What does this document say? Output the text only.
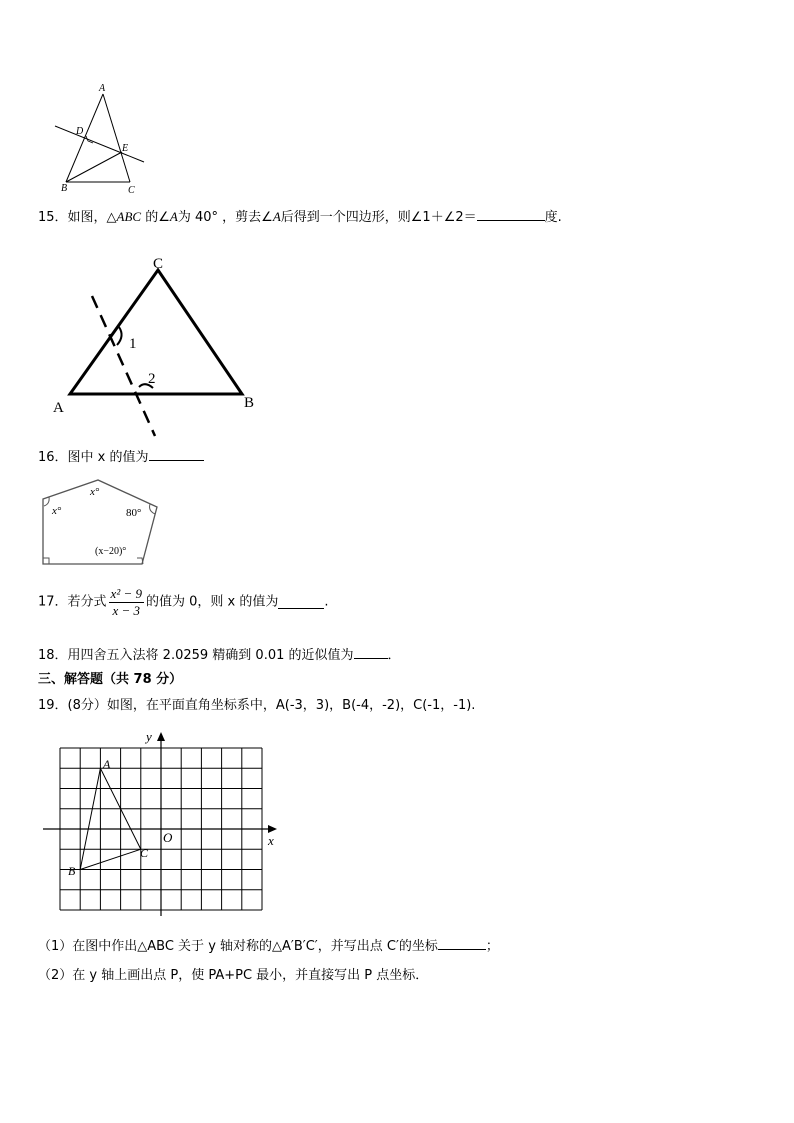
A
D
E
B	C
15．如图，△ABC 的∠A为 40° ，剪去∠A后得到一个四边形，则∠1＋∠2＝	度.
C
A	B
1
2
16．图中 x 的值为
x°
x°	80°
(x−20)°
17．若分式 $\frac{\text{x² − 9}}{x - 3}$ 的值为 0，则 x 的值为	.
18．用四舍五入法将 2.0259 精确到 0.01 的近似值为	．
三、解答题（共 78 分）
19．(8分）如图，在平面直角坐标系中，A(-3，3)，B(-4，-2)，C(-1，-1).
y
x
O
A
B
C
（1）在图中作出△ABC 关于 y 轴对称的△A′B′C′，并写出点 C′的坐标	；
（2）在 y 轴上画出点 P，使 PA+PC 最小，并直接写出 P 点坐标．
